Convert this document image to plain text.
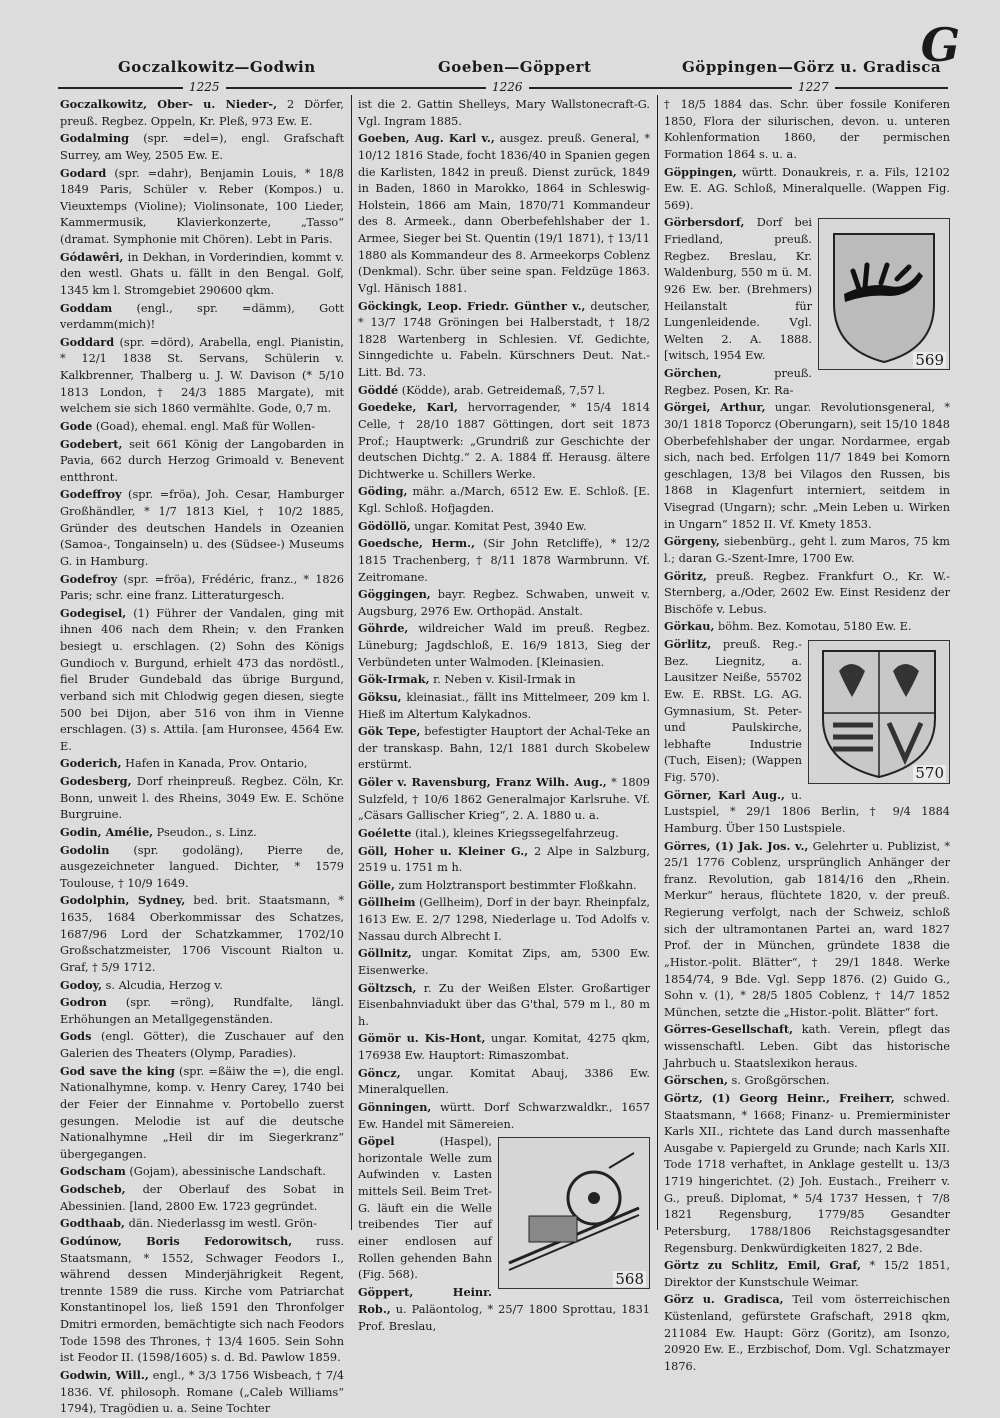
G
Goczalkowitz—Godwin	Goeben—Göppert	Göppingen—Görz u. Gradisca
1225	1226	1227

Goczalkowitz, Ober- u. Nieder-, 2 Dörfer, preuß. Regbez. Oppeln, Kr. Pleß, 973 Ew. E.

Godalming (spr. =del=), engl. Grafschaft Surrey, am Wey, 2505 Ew. E.

Godard (spr. =dahr), Benjamin Louis, * 18/8 1849 Paris, Schüler v. Reber (Kompos.) u. Vieuxtemps (Violine); Violinsonate, 100 Lieder, Kammermusik, Klavierkonzerte, „Tasso“ (dramat. Symphonie mit Chören). Lebt in Paris.

Gódawêri, in Dekhan, in Vorderindien, kommt v. den westl. Ghats u. fällt in den Bengal. Golf, 1345 km l. Stromgebiet 290600 qkm.

Goddam (engl., spr. =dämm), Gott verdamm(mich)!

Goddard (spr. =dörd), Arabella, engl. Pianistin, * 12/1 1838 St. Servans, Schülerin v. Kalkbrenner, Thalberg u. J. W. Davison (* 5/10 1813 London, † 24/3 1885 Margate), mit welchem sie sich 1860 vermählte. Gode, 0,7 m.

Gode (Goad), ehemal. engl. Maß für Wollen-

Godebert, seit 661 König der Langobarden in Pavia, 662 durch Herzog Grimoald v. Benevent entthront.

Godeffroy (spr. =fröa), Joh. Cesar, Hamburger Großhändler, * 1/7 1813 Kiel, † 10/2 1885, Gründer des deutschen Handels in Ozeanien (Samoa-, Tongainseln) u. des (Südsee-) Museums G. in Hamburg.

Godefroy (spr. =fröa), Frédéric, franz., * 1826 Paris; schr. eine franz. Litteraturgesch.

Godegisel, (1) Führer der Vandalen, ging mit ihnen 406 nach dem Rhein; v. den Franken besiegt u. erschlagen. (2) Sohn des Königs Gundioch v. Burgund, erhielt 473 das nordöstl., fiel Bruder Gundebald das übrige Burgund, verband sich mit Chlodwig gegen diesen, siegte 500 bei Dijon, aber 516 von ihm in Vienne erschlagen. (3) s. Attila. [am Huronsee, 4564 Ew. E.

Goderich, Hafen in Kanada, Prov. Ontario,

Godesberg, Dorf rheinpreuß. Regbez. Cöln, Kr. Bonn, unweit l. des Rheins, 3049 Ew. E. Schöne Burgruine.

Godin, Amélie, Pseudon., s. Linz.

Godolin (spr. godoläng), Pierre de, ausgezeichneter langued. Dichter, * 1579 Toulouse, † 10/9 1649.

Godolphin, Sydney, bed. brit. Staatsmann, * 1635, 1684 Oberkommissar des Schatzes, 1687/96 Lord der Schatzkammer, 1702/10 Großschatzmeister, 1706 Viscount Rialton u. Graf, † 5/9 1712.

Godoy, s. Alcudia, Herzog v.

Godron (spr. =röng), Rundfalte, längl. Erhöhungen an Metallgegenständen.

Gods (engl. Götter), die Zuschauer auf den Galerien des Theaters (Olymp, Paradies).

God save the king (spr. =ßäiw the =), die engl. Nationalhymne, komp. v. Henry Carey, 1740 bei der Feier der Einnahme v. Portobello zuerst gesungen. Melodie ist auf die deutsche Nationalhymne „Heil dir im Siegerkranz“ übergegangen.

Godscham (Gojam), abessinische Landschaft.

Godscheb, der Oberlauf des Sobat in Abessinien. [land, 2800 Ew. 1723 gegründet.

Godthaab, dän. Niederlassg im westl. Grön-

Godúnow, Boris Fedorowitsch, russ. Staatsmann, * 1552, Schwager Feodors I., während dessen Minderjährigkeit Regent, trennte 1589 die russ. Kirche vom Patriarchat Konstantinopel los, ließ 1591 den Thronfolger Dmitri ermorden, bemächtigte sich nach Feodors Tode 1598 des Thrones, † 13/4 1605. Sein Sohn ist Feodor II. (1598/1605) s. d. Bd. Pawlow 1859.

Godwin, Will., engl., * 3/3 1756 Wisbeach, † 7/4 1836. Vf. philosoph. Romane („Caleb Williams“ 1794), Tragödien u. a. Seine Tochter

ist die 2. Gattin Shelleys, Mary Wallstonecraft-G. Vgl. Ingram 1885.

Goeben, Aug. Karl v., ausgez. preuß. General, * 10/12 1816 Stade, focht 1836/40 in Spanien gegen die Karlisten, 1842 in preuß. Dienst zurück, 1849 in Baden, 1860 in Marokko, 1864 in Schleswig-Holstein, 1866 am Main, 1870/71 Kommandeur des 8. Armeek., dann Oberbefehlshaber der 1. Armee, Sieger bei St. Quentin (19/1 1871), † 13/11 1880 als Kommandeur des 8. Armeekorps Coblenz (Denkmal). Schr. über seine span. Feldzüge 1863. Vgl. Hänisch 1881.

Göckingk, Leop. Friedr. Günther v., deutscher, * 13/7 1748 Gröningen bei Halberstadt, † 18/2 1828 Wartenberg in Schlesien. Vf. Gedichte, Sinngedichte u. Fabeln. Kürschners Deut. Nat.-Litt. Bd. 73.

Göddé (Ködde), arab. Getreidemaß, 7,57 l.

Goedeke, Karl, hervorragender, * 15/4 1814 Celle, † 28/10 1887 Göttingen, dort seit 1873 Prof.; Hauptwerk: „Grundriß zur Geschichte der deutschen Dichtg.“ 2. A. 1884 ff. Herausg. ältere Dichtwerke u. Schillers Werke.

Göding, mähr. a./March, 6512 Ew. E. Schloß. [E. Kgl. Schloß. Hofjagden.

Gödöllö, ungar. Komitat Pest, 3940 Ew.

Goedsche, Herm., (Sir John Retcliffe), * 12/2 1815 Trachenberg, † 8/11 1878 Warmbrunn. Vf. Zeitromane.

Göggingen, bayr. Regbez. Schwaben, unweit v. Augsburg, 2976 Ew. Orthopäd. Anstalt.

Göhrde, wildreicher Wald im preuß. Regbez. Lüneburg; Jagdschloß, E. 16/9 1813, Sieg der Verbündeten unter Walmoden. [Kleinasien.

Gök-Irmak, r. Neben v. Kisil-Irmak in

Göksu, kleinasiat., fällt ins Mittelmeer, 209 km l. Hieß im Altertum Kalykadnos.

Gök Tepe, befestigter Hauptort der Achal-Teke an der transkasp. Bahn, 12/1 1881 durch Skobelew erstürmt.

Göler v. Ravensburg, Franz Wilh. Aug., * 1809 Sulzfeld, † 10/6 1862 Generalmajor Karlsruhe. Vf. „Cäsars Gallischer Krieg“, 2. A. 1880 u. a.

Goélette (ital.), kleines Kriegssegelfahrzeug.

Göll, Hoher u. Kleiner G., 2 Alpe in Salzburg, 2519 u. 1751 m h.

Gölle, zum Holztransport bestimmter Floßkahn.

Göllheim (Gellheim), Dorf in der bayr. Rheinpfalz, 1613 Ew. E. 2/7 1298, Niederlage u. Tod Adolfs v. Nassau durch Albrecht I.

Göllnitz, ungar. Komitat Zips, am, 5300 Ew. Eisenwerke.

Göltzsch, r. Zu der Weißen Elster. Großartiger Eisenbahnviadukt über das G'thal, 579 m l., 80 m h.

Gömör u. Kis-Hont, ungar. Komitat, 4275 qkm, 176938 Ew. Hauptort: Rimaszombat.

Göncz, ungar. Komitat Abauj, 3386 Ew. Mineralquellen.

Gönningen, württ. Dorf Schwarzwaldkr., 1657 Ew. Handel mit Sämereien.

568

Göpel (Haspel), horizontale Welle zum Aufwinden v. Lasten mittels Seil. Beim Tret-G. läuft ein die Welle treibendes Tier auf einer endlosen auf Rollen gehenden Bahn (Fig. 568).

Göppert, Heinr. Rob., u. Paläontolog, * 25/7 1800 Sprottau, 1831 Prof. Breslau,

† 18/5 1884 das. Schr. über fossile Koniferen 1850, Flora der silurischen, devon. u. unteren Kohlenformation 1860, der permischen Formation 1864 s. u. a.

Göppingen, württ. Donaukreis, r. a. Fils, 12102 Ew. E. AG. Schloß, Mineralquelle. (Wappen Fig. 569).

569

Görbersdorf, Dorf bei Friedland, preuß. Regbez. Breslau, Kr. Waldenburg, 550 m ü. M. 926 Ew. ber. (Brehmers) Heilanstalt für Lungenleidende. Vgl. Welten 2. A. 1888. [witsch, 1954 Ew.

Görchen, preuß. Regbez. Posen, Kr. Ra-

Görgei, Arthur, ungar. Revolutionsgeneral, * 30/1 1818 Toporcz (Oberungarn), seit 15/10 1848 Oberbefehlshaber der ungar. Nordarmee, ergab sich, nach bed. Erfolgen 11/7 1849 bei Komorn geschlagen, 13/8 bei Vilagos den Russen, bis 1868 in Klagenfurt interniert, seitdem in Visegrad (Ungarn); schr. „Mein Leben u. Wirken in Ungarn“ 1852 II. Vf. Kmety 1853.

Görgeny, siebenbürg., geht l. zum Maros, 75 km l.; daran G.-Szent-Imre, 1700 Ew.

Göritz, preuß. Regbez. Frankfurt O., Kr. W.-Sternberg, a./Oder, 2602 Ew. Einst Residenz der Bischöfe v. Lebus.

Görkau, böhm. Bez. Komotau, 5180 Ew. E.

570

Görlitz, preuß. Reg.-Bez. Liegnitz, a. Lausitzer Neiße, 55702 Ew. E. RBSt. LG. AG. Gymnasium, St. Peter- und Paulskirche, lebhafte Industrie (Tuch, Eisen); (Wappen Fig. 570).

Görner, Karl Aug., u. Lustspiel, * 29/1 1806 Berlin, † 9/4 1884 Hamburg. Über 150 Lustspiele.

Görres, (1) Jak. Jos. v., Gelehrter u. Publizist, * 25/1 1776 Coblenz, ursprünglich Anhänger der franz. Revolution, gab 1814/16 den „Rhein. Merkur“ heraus, flüchtete 1820, v. der preuß. Regierung verfolgt, nach der Schweiz, schloß sich der ultramontanen Partei an, ward 1827 Prof. der in München, gründete 1838 die „Histor.-polit. Blätter“, † 29/1 1848. Werke 1854/74, 9 Bde. Vgl. Sepp 1876. (2) Guido G., Sohn v. (1), * 28/5 1805 Coblenz, † 14/7 1852 München, setzte die „Histor.-polit. Blätter“ fort.

Görres-Gesellschaft, kath. Verein, pflegt das wissenschaftl. Leben. Gibt das historische Jahrbuch u. Staatslexikon heraus.

Görschen, s. Großgörschen.

Görtz, (1) Georg Heinr., Freiherr, schwed. Staatsmann, * 1668; Finanz- u. Premierminister Karls XII., richtete das Land durch massenhafte Ausgabe v. Papiergeld zu Grunde; nach Karls XII. Tode 1718 verhaftet, in Anklage gestellt u. 13/3 1719 hingerichtet. (2) Joh. Eustach., Freiherr v. G., preuß. Diplomat, * 5/4 1737 Hessen, † 7/8 1821 Regensburg, 1779/85 Gesandter Petersburg, 1788/1806 Reichstagsgesandter Regensburg. Denkwürdigkeiten 1827, 2 Bde.

Görtz zu Schlitz, Emil, Graf, * 15/2 1851, Direktor der Kunstschule Weimar.

Görz u. Gradisca, Teil vom österreichischen Küstenland, gefürstete Grafschaft, 2918 qkm, 211084 Ew. Haupt: Görz (Goritz), am Isonzo, 20920 Ew. E., Erzbischof, Dom. Vgl. Schatzmayer 1876.
